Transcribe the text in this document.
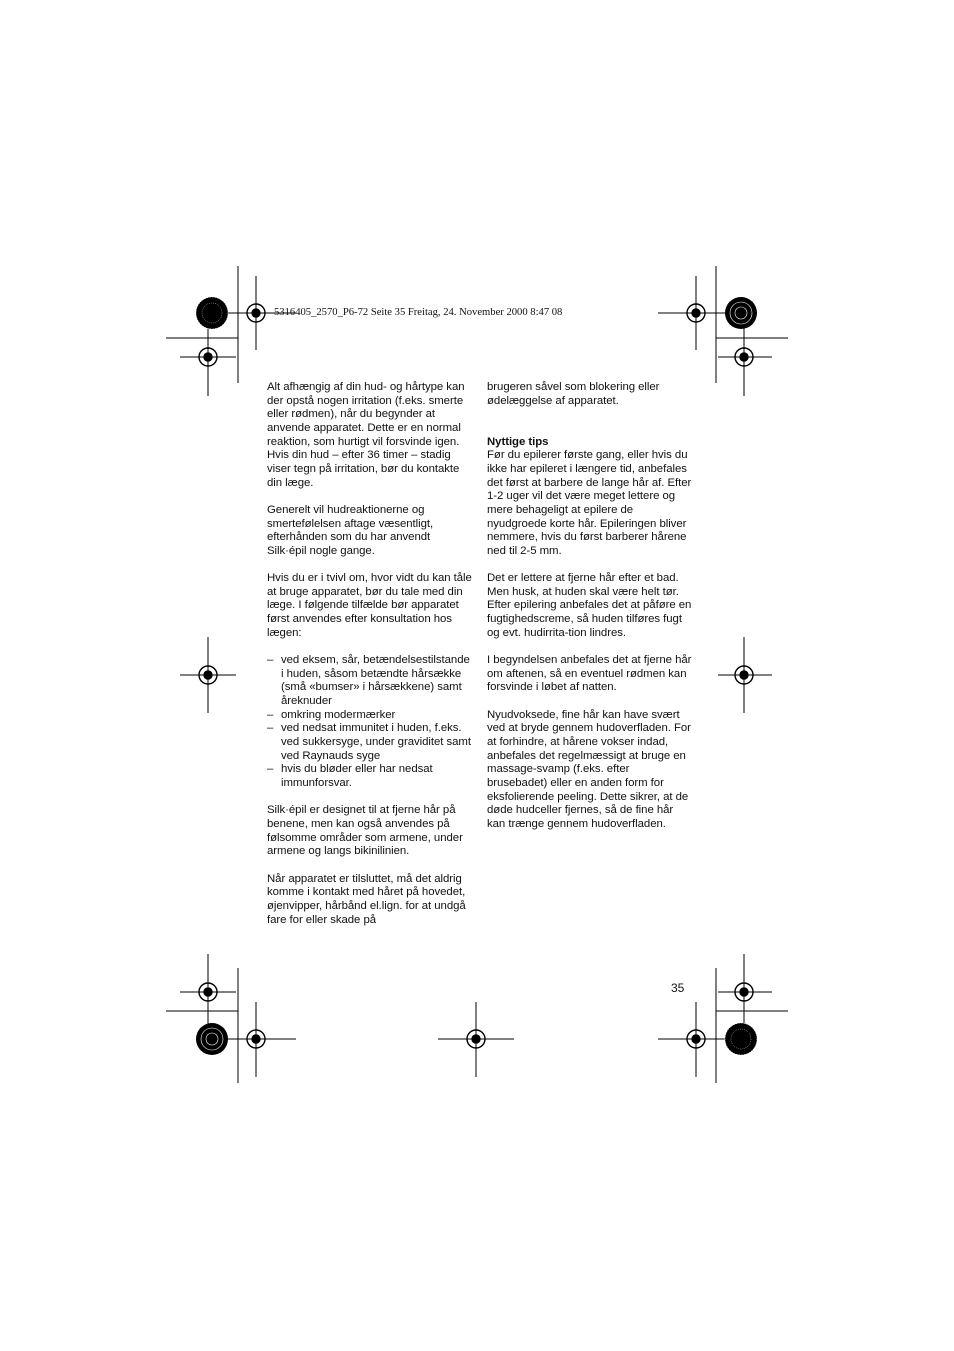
5316405_2570_P6-72 Seite 35 Freitag, 24. November 2000 8:47 08

Alt afhængig af din hud- og hårtype kan der opstå nogen irritation (f.eks. smerte eller rødmen), når du begynder at anvende apparatet. Dette er en normal reaktion, som hurtigt vil forsvinde igen. Hvis din hud – efter 36 timer – stadig viser tegn på irritation, bør du kontakte din læge.

Generelt vil hudreaktionerne og smertefølelsen aftage væsentligt, efterhånden som du har anvendt Silk·épil nogle gange.

Hvis du er i tvivl om, hvor vidt du kan tåle at bruge apparatet, bør du tale med din læge. I følgende tilfælde bør apparatet først anvendes efter konsultation hos lægen:

– ved eksem, sår, betændelsestilstande i huden, såsom betændte hårsække (små «bumser» i hårsækkene) samt åreknuder
– omkring modermærker
– ved nedsat immunitet i huden, f.eks. ved sukkersyge, under graviditet samt ved Raynauds syge
– hvis du bløder eller har nedsat immunforsvar.

Silk·épil er designet til at fjerne hår på benene, men kan også anvendes på følsomme områder som armene, under armene og langs bikinilinien.

Når apparatet er tilsluttet, må det aldrig komme i kontakt med håret på hovedet, øjenvipper, hårbånd el.lign. for at undgå fare for eller skade på

brugeren såvel som blokering eller ødelæggelse af apparatet.

Nyttige tips
Før du epilerer første gang, eller hvis du ikke har epileret i længere tid, anbefales det først at barbere de lange hår af. Efter 1-2 uger vil det være meget lettere og mere behageligt at epilere de nyudgroede korte hår. Epileringen bliver nemmere, hvis du først barberer hårene ned til 2-5 mm.

Det er lettere at fjerne hår efter et bad. Men husk, at huden skal være helt tør. Efter epilering anbefales det at påføre en fugtighedscreme, så huden tilføres fugt og evt. hudirrita-tion lindres.

I begyndelsen anbefales det at fjerne hår om aftenen, så en eventuel rødmen kan forsvinde i løbet af natten.

Nyudvoksede, fine hår kan have svært ved at bryde gennem hudoverfladen. For at forhindre, at hårene vokser indad, anbefales det regelmæssigt at bruge en massage-svamp (f.eks. efter brusebadet) eller en anden form for eksfolierende peeling. Dette sikrer, at de døde hudceller fjernes, så de fine hår kan trænge gennem hudoverfladen.

35
